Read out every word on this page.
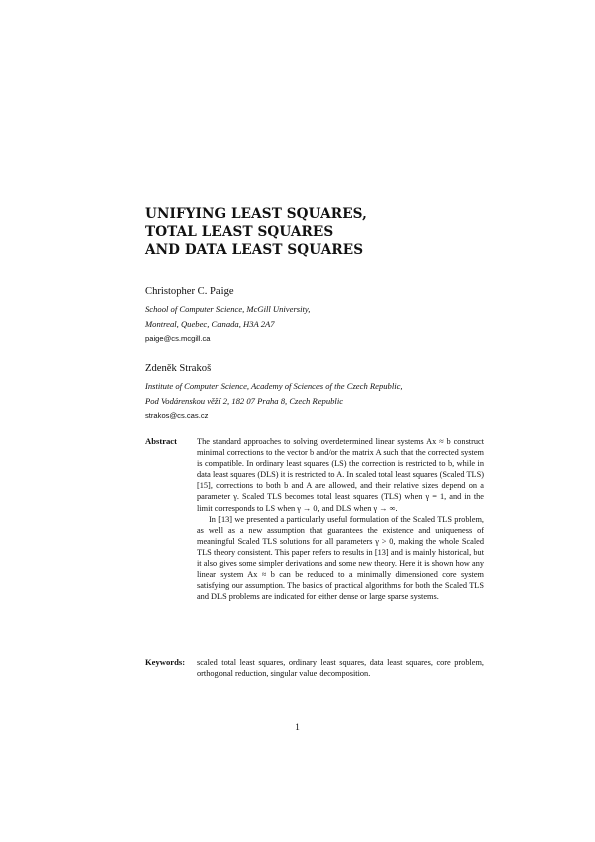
UNIFYING LEAST SQUARES,
TOTAL LEAST SQUARES
AND DATA LEAST SQUARES
Christopher C. Paige
School of Computer Science, McGill University,
Montreal, Quebec, Canada, H3A 2A7
paige@cs.mcgill.ca
Zdeněk Strakoš
Institute of Computer Science, Academy of Sciences of the Czech Republic,
Pod Vodárenskou věží 2, 182 07 Praha 8, Czech Republic
strakos@cs.cas.cz
Abstract The standard approaches to solving overdetermined linear systems Ax ≈ b construct minimal corrections to the vector b and/or the matrix A such that the corrected system is compatible. In ordinary least squares (LS) the correction is restricted to b, while in data least squares (DLS) it is restricted to A. In scaled total least squares (Scaled TLS) [15], corrections to both b and A are allowed, and their relative sizes depend on a parameter γ. Scaled TLS becomes total least squares (TLS) when γ = 1, and in the limit corresponds to LS when γ → 0, and DLS when γ → ∞.

In [13] we presented a particularly useful formulation of the Scaled TLS problem, as well as a new assumption that guarantees the existence and uniqueness of meaningful Scaled TLS solutions for all parameters γ > 0, making the whole Scaled TLS theory consistent. This paper refers to results in [13] and is mainly historical, but it also gives some simpler derivations and some new theory. Here it is shown how any linear system Ax ≈ b can be reduced to a minimally dimensioned core system satisfying our assumption. The basics of practical algorithms for both the Scaled TLS and DLS problems are indicated for either dense or large sparse systems.

Keywords: scaled total least squares, ordinary least squares, data least squares, core problem, orthogonal reduction, singular value decomposition.
1
